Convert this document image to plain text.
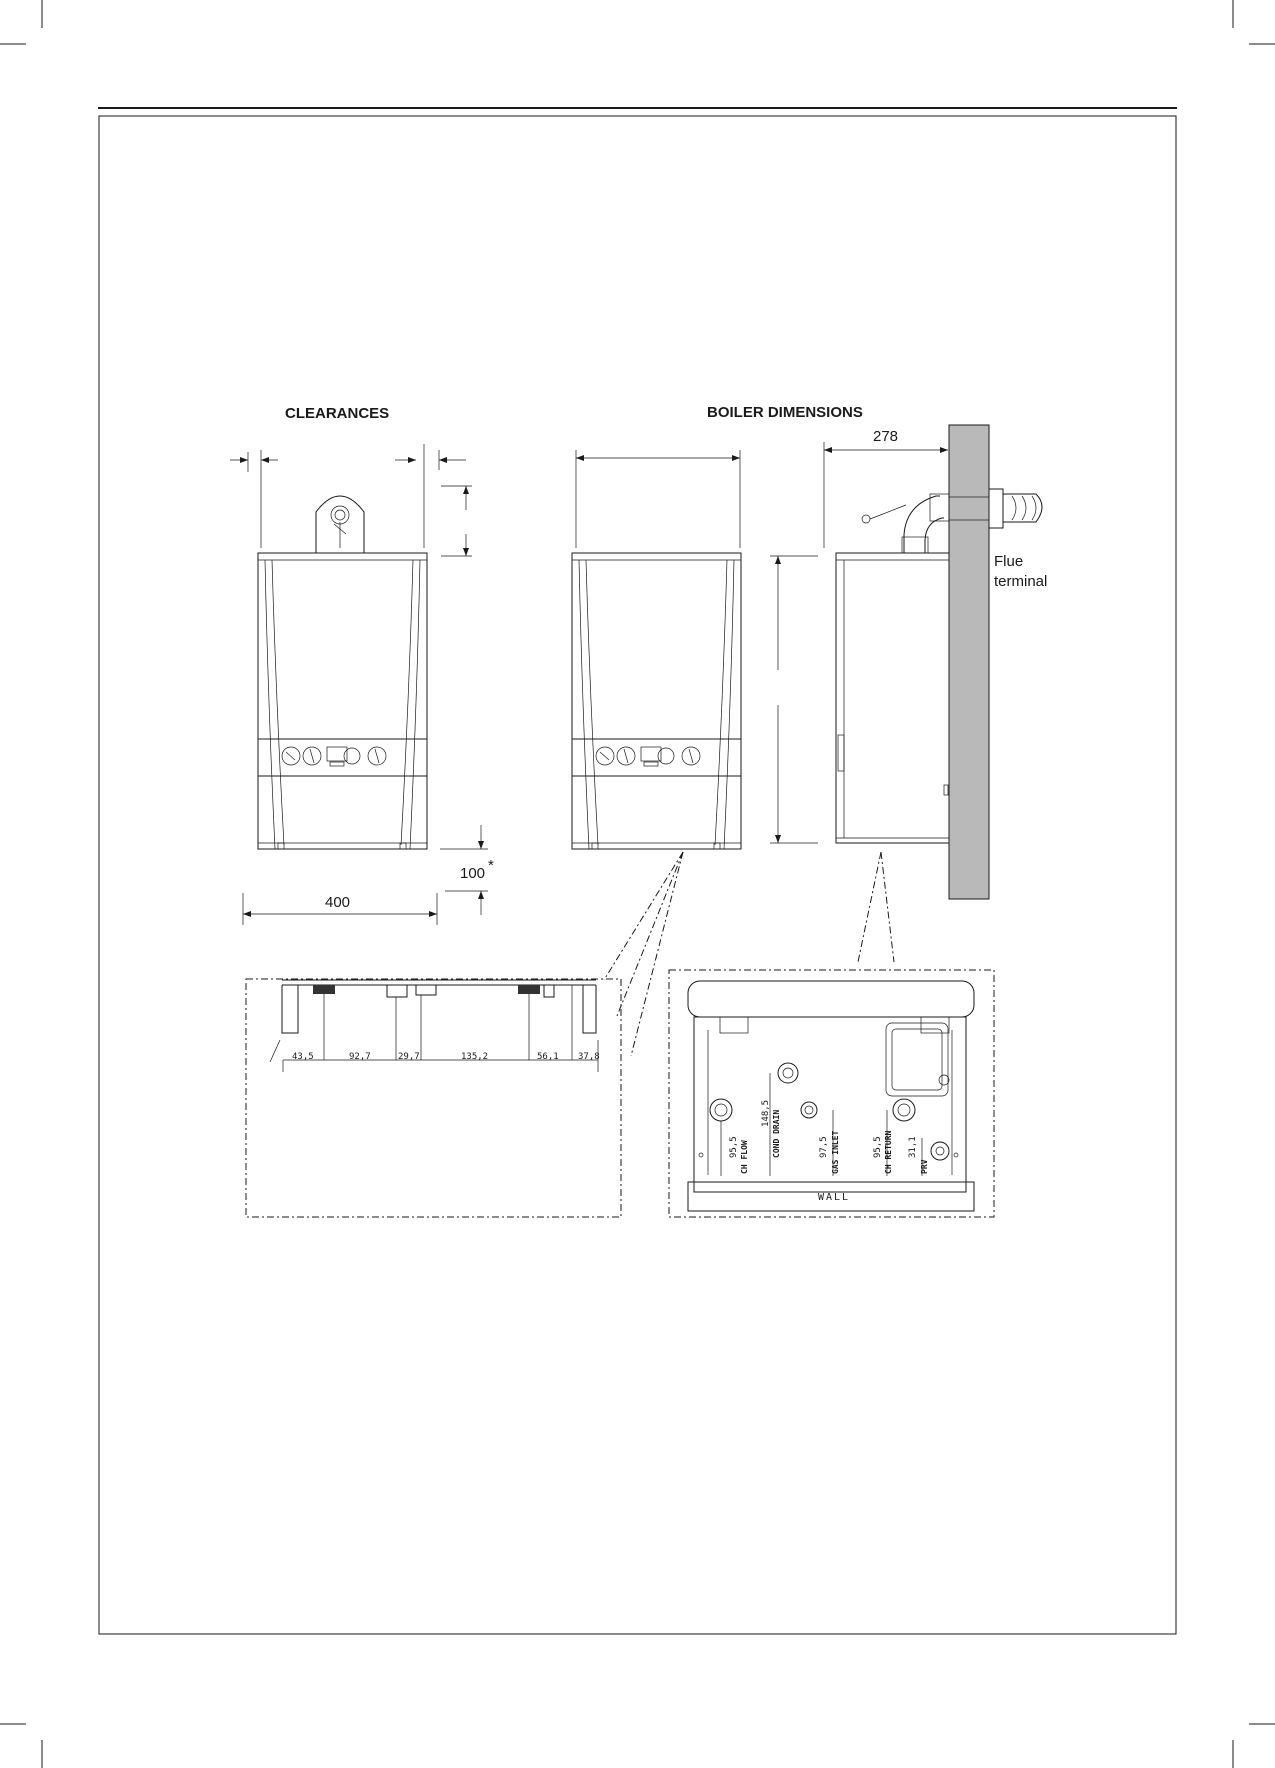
CLEARANCES	BOILER DIMENSIONS
100 *
400
278
Flue
terminal
43,5	92,7	29,7	135,2	56,1 37,8
95,5 CH FLOW
148,5 COND DRAIN	97,5 GAS INLET	95,5 CH RETURN 31,1
PRV
WALL
